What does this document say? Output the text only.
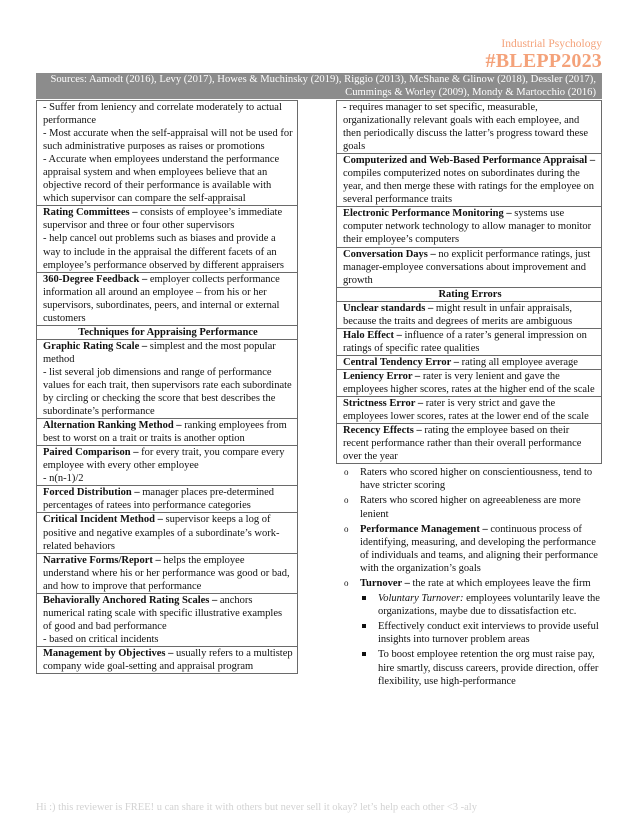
Industrial Psychology
#BLEPP2023
Sources: Aamodt (2016), Levy (2017), Howes & Muchinsky (2019), Riggio (2013), McShane & Glinow (2018), Dessler (2017), Cummings & Worley (2009), Mondy & Martocchio (2016)
- Suffer from leniency and correlate moderately to actual performance
- Most accurate when the self-appraisal will not be used for such administrative purposes as raises or promotions
- Accurate when employees understand the performance appraisal system and when employees believe that an objective record of their performance is available with which supervisor can compare the self-appraisal
Rating Committees – consists of employee’s immediate supervisor and three or four other supervisors
- help cancel out problems such as biases and provide a way to include in the appraisal the different facets of an employee’s performance observed by different appraisers
360-Degree Feedback – employer collects performance information all around an employee – from his or her supervisors, subordinates, peers, and internal or external customers
Techniques for Appraising Performance
Graphic Rating Scale – simplest and the most popular method
- list several job dimensions and range of performance values for each trait, then supervisors rate each subordinate by circling or checking the score that best describes the subordinate’s performance
Alternation Ranking Method – ranking employees from best to worst on a trait or traits is another option
Paired Comparison – for every trait, you compare every employee with every other employee
- n(n-1)/2
Forced Distribution – manager places pre-determined percentages of ratees into performance categories
Critical Incident Method – supervisor keeps a log of positive and negative examples of a subordinate’s work-related behaviors
Narrative Forms/Report – helps the employee understand where his or her performance was good or bad, and how to improve that performance
Behaviorally Anchored Rating Scales – anchors numerical rating scale with specific illustrative examples of good and bad performance
- based on critical incidents
Management by Objectives – usually refers to a multistep company wide goal-setting and appraisal program
- requires manager to set specific, measurable, organizationally relevant goals with each employee, and then periodically discuss the latter’s progress toward these goals
Computerized and Web-Based Performance Appraisal – compiles computerized notes on subordinates during the year, and then merge these with ratings for the employee on several performance traits
Electronic Performance Monitoring – systems use computer network technology to allow manager to monitor their employee’s computers
Conversation Days – no explicit performance ratings, just manager-employee conversations about improvement and growth
Rating Errors
Unclear standards – might result in unfair appraisals, because the traits and degrees of merits are ambiguous
Halo Effect – influence of a rater’s general impression on ratings of specific ratee qualities
Central Tendency Error – rating all employee average
Leniency Error – rater is very lenient and gave the employees higher scores, rates at the higher end of the scale
Strictness Error – rater is very strict and gave the employees lower scores, rates at the lower end of the scale
Recency Effects – rating the employee based on their recent performance rather than their overall performance over the year
o Raters who scored higher on conscientiousness, tend to have stricter scoring
o Raters who scored higher on agreeableness are more lenient
o Performance Management – continuous process of identifying, measuring, and developing the performance of individuals and teams, and aligning their performance with the organization’s goals
o Turnover – the rate at which employees leave the firm
Voluntary Turnover: employees voluntarily leave the organizations, maybe due to dissatisfaction etc.
Effectively conduct exit interviews to provide useful insights into turnover problem areas
To boost employee retention the org must raise pay, hire smartly, discuss careers, provide direction, offer flexibility, use high-performance
Hi :) this reviewer is FREE! u can share it with others but never sell it okay? let’s help each other <3 -aly
